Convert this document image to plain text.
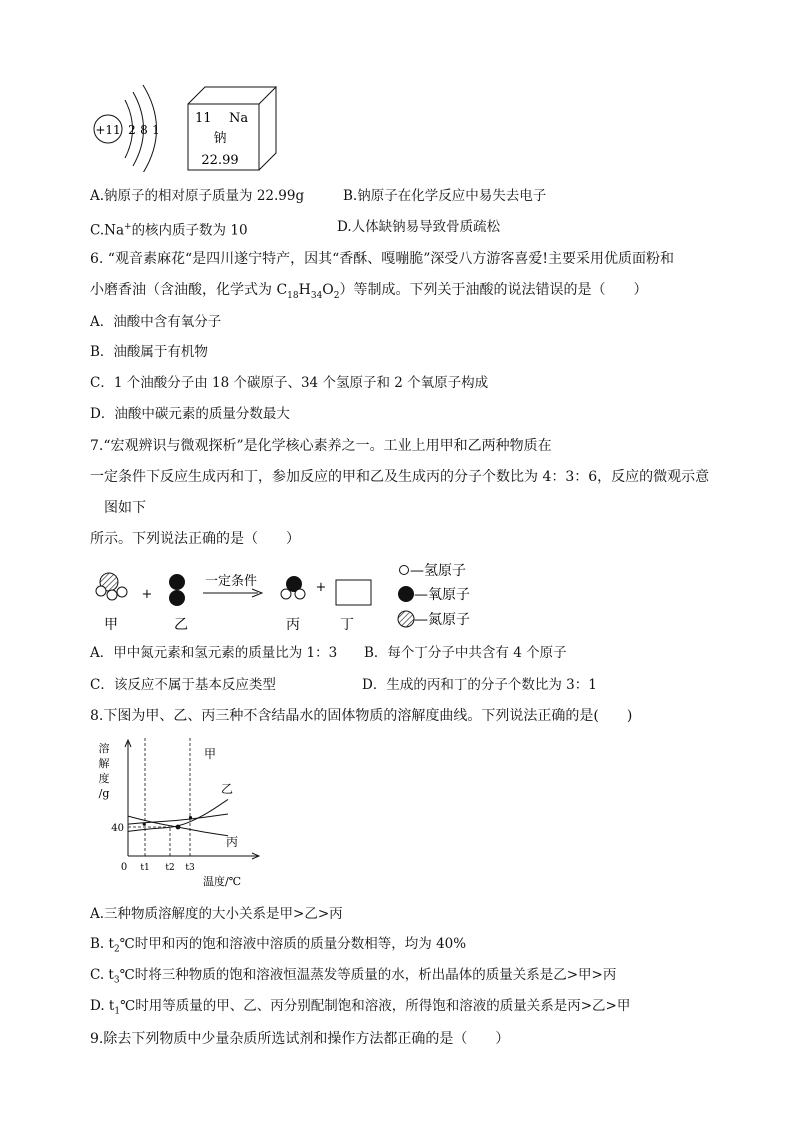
+11 2 8 1
11 Na
钠
22.99
A.钠原子的相对原子质量为 22.99g	B.钠原子在化学反应中易失去电子
C.Na+的核内质子数为 10	D.人体缺钠易导致骨质疏松
6. “观音素麻花“是四川遂宁特产，因其“香酥、嘎嘣脆”深受八方游客喜爱!主要采用优质面粉和
小磨香油（含油酸，化学式为 $C_{18}H_{34}O_2$）等制成。下列关于油酸的说法错误的是（　　）
A．油酸中含有氧分子
B．油酸属于有机物
C．1 个油酸分子由 18 个碳原子、34 个氢原子和 2 个氧原子构成
D．油酸中碳元素的质量分数最大
7.“宏观辨识与微观探析”是化学核心素养之一。工业上用甲和乙两种物质在
一定条件下反应生成丙和丁，参加反应的甲和乙及生成丙的分子个数比为 4：3：6，反应的微观示意
图如下
所示。下列说法正确的是（　　）
+
一定条件	+
甲	乙	丙	丁
—氢原子
—氧原子
—氮原子
A．甲中氮元素和氢元素的质量比为 1：3 B．每个丁分子中共含有 4 个原子
C．该反应不属于基本反应类型	D．生成的丙和丁的分子个数比为 3：1
8.下图为甲、乙、丙三种不含结晶水的固体物质的溶解度曲线。下列说法正确的是(　　)
溶
解
度
/g
0
40
t1 t2 t3
温度/℃
甲
乙
丙
A.三种物质溶解度的大小关系是甲>乙>丙
B. $t_2℃$时甲和丙的饱和溶液中溶质的质量分数相等，均为 40%
C. $t_3℃$时将三种物质的饱和溶液恒温蒸发等质量的水，析出晶体的质量关系是乙>甲>丙
D. $t_1℃$时用等质量的甲、乙、丙分别配制饱和溶液，所得饱和溶液的质量关系是丙>乙>甲
9.除去下列物质中少量杂质所选试剂和操作方法都正确的是（　　）
